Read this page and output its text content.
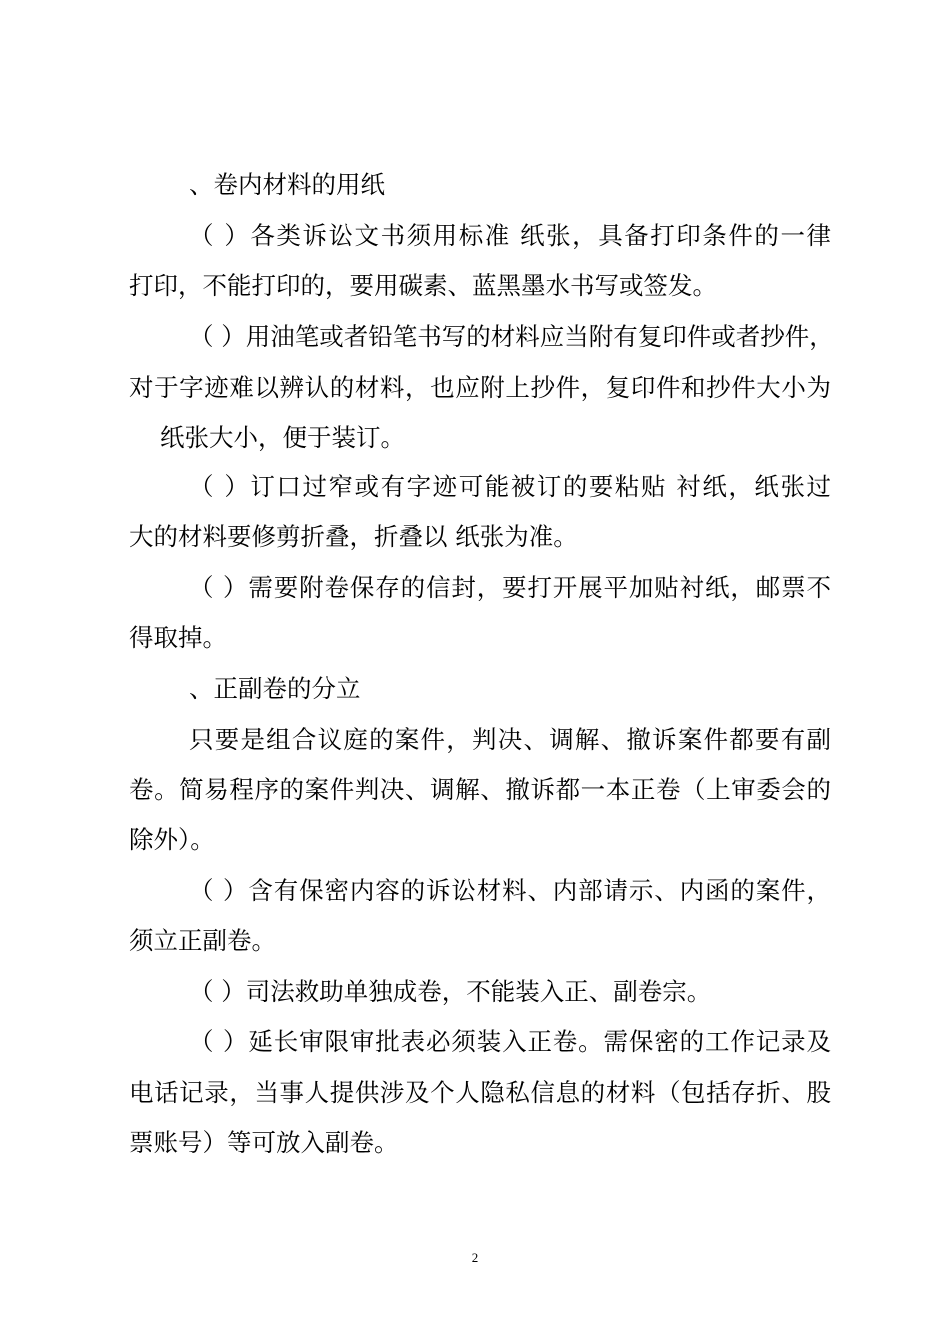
、卷内材料的用纸
（ ）各类诉讼文书须用标准 纸张，具备打印条件的一律
打印，不能打印的，要用碳素、蓝黑墨水书写或签发。
（ ）用油笔或者铅笔书写的材料应当附有复印件或者抄件，
对于字迹难以辨认的材料，也应附上抄件，复印件和抄件大小为
纸张大小，便于装订。
（ ）订口过窄或有字迹可能被订的要粘贴 衬纸，纸张过
大的材料要修剪折叠，折叠以 纸张为准。
（ ）需要附卷保存的信封，要打开展平加贴衬纸，邮票不
得取掉。
、正副卷的分立
只要是组合议庭的案件，判决、调解、撤诉案件都要有副
卷。简易程序的案件判决、调解、撤诉都一本正卷（上审委会的
除外）。
（ ）含有保密内容的诉讼材料、内部请示、内函的案件，
须立正副卷。
（ ）司法救助单独成卷，不能装入正、副卷宗。
（ ）延长审限审批表必须装入正卷。需保密的工作记录及
电话记录，当事人提供涉及个人隐私信息的材料（包括存折、股
票账号）等可放入副卷。
2
